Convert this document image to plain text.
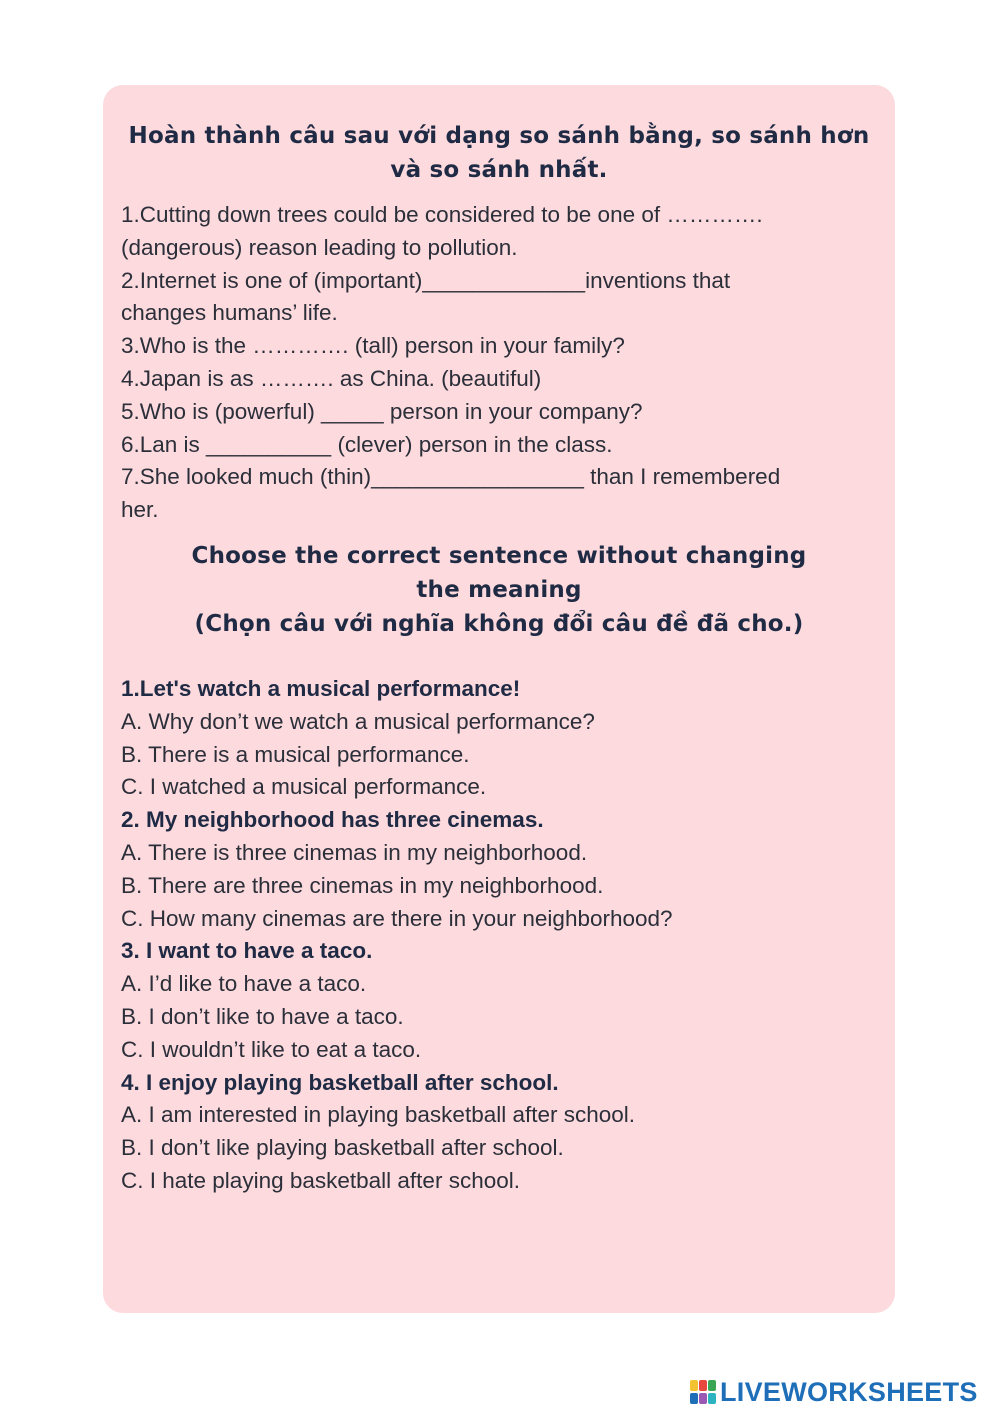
Hoàn thành câu sau với dạng so sánh bằng, so sánh hơn
và so sánh nhất.
1.Cutting down trees could be considered to be one of ………….
(dangerous) reason leading to pollution.
2.Internet is one of (important)_____________inventions that
changes humans’ life.
3.Who is the …………. (tall) person in your family?
4.Japan is as ………. as China. (beautiful)
5.Who is (powerful) _____ person in your company?
6.Lan is __________ (clever) person in the class.
7.She looked much (thin)_________________ than I remembered
her.
Choose the correct sentence without changing
the meaning
(Chọn câu với nghĩa không đổi câu đề đã cho.)
1.Let's watch a musical performance!
A. Why don’t we watch a musical performance?
B. There is a musical performance.
C. I watched a musical performance.
2. My neighborhood has three cinemas.
A. There is three cinemas in my neighborhood.
B. There are three cinemas in my neighborhood.
C. How many cinemas are there in your neighborhood?
3. I want to have a taco.
A. I’d like to have a taco.
B. I don’t like to have a taco.
C. I wouldn’t like to eat a taco.
4. I enjoy playing basketball after school.
A. I am interested in playing basketball after school.
B. I don’t like playing basketball after school.
C. I hate playing basketball after school.
LIVEWORKSHEETS
